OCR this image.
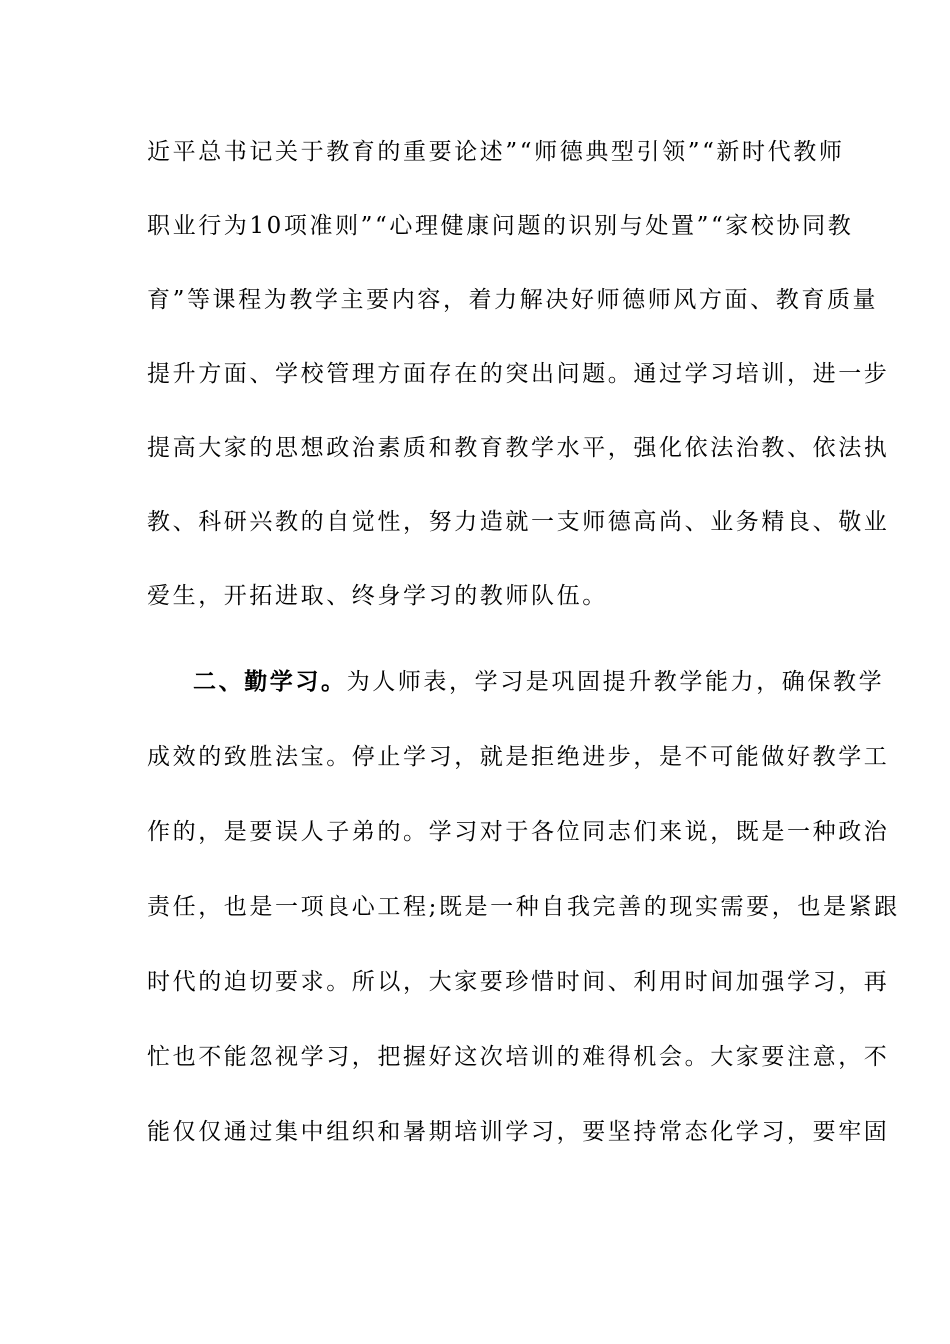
近平总书记关于教育的重要论述”“师德典型引领”“新时代教师
职业行为10项准则”“心理健康问题的识别与处置”“家校协同教
育”等课程为教学主要内容，着力解决好师德师风方面、教育质量
提升方面、学校管理方面存在的突出问题。通过学习培训，进一步
提高大家的思想政治素质和教育教学水平，强化依法治教、依法执
教、科研兴教的自觉性，努力造就一支师德高尚、业务精良、敬业
爱生，开拓进取、终身学习的教师队伍。
二、勤学习。为人师表，学习是巩固提升教学能力，确保教学
成效的致胜法宝。停止学习，就是拒绝进步，是不可能做好教学工
作的，是要误人子弟的。学习对于各位同志们来说，既是一种政治
责任，也是一项良心工程;既是一种自我完善的现实需要，也是紧跟
时代的迫切要求。所以，大家要珍惜时间、利用时间加强学习，再
忙也不能忽视学习，把握好这次培训的难得机会。大家要注意，不
能仅仅通过集中组织和暑期培训学习，要坚持常态化学习，要牢固
